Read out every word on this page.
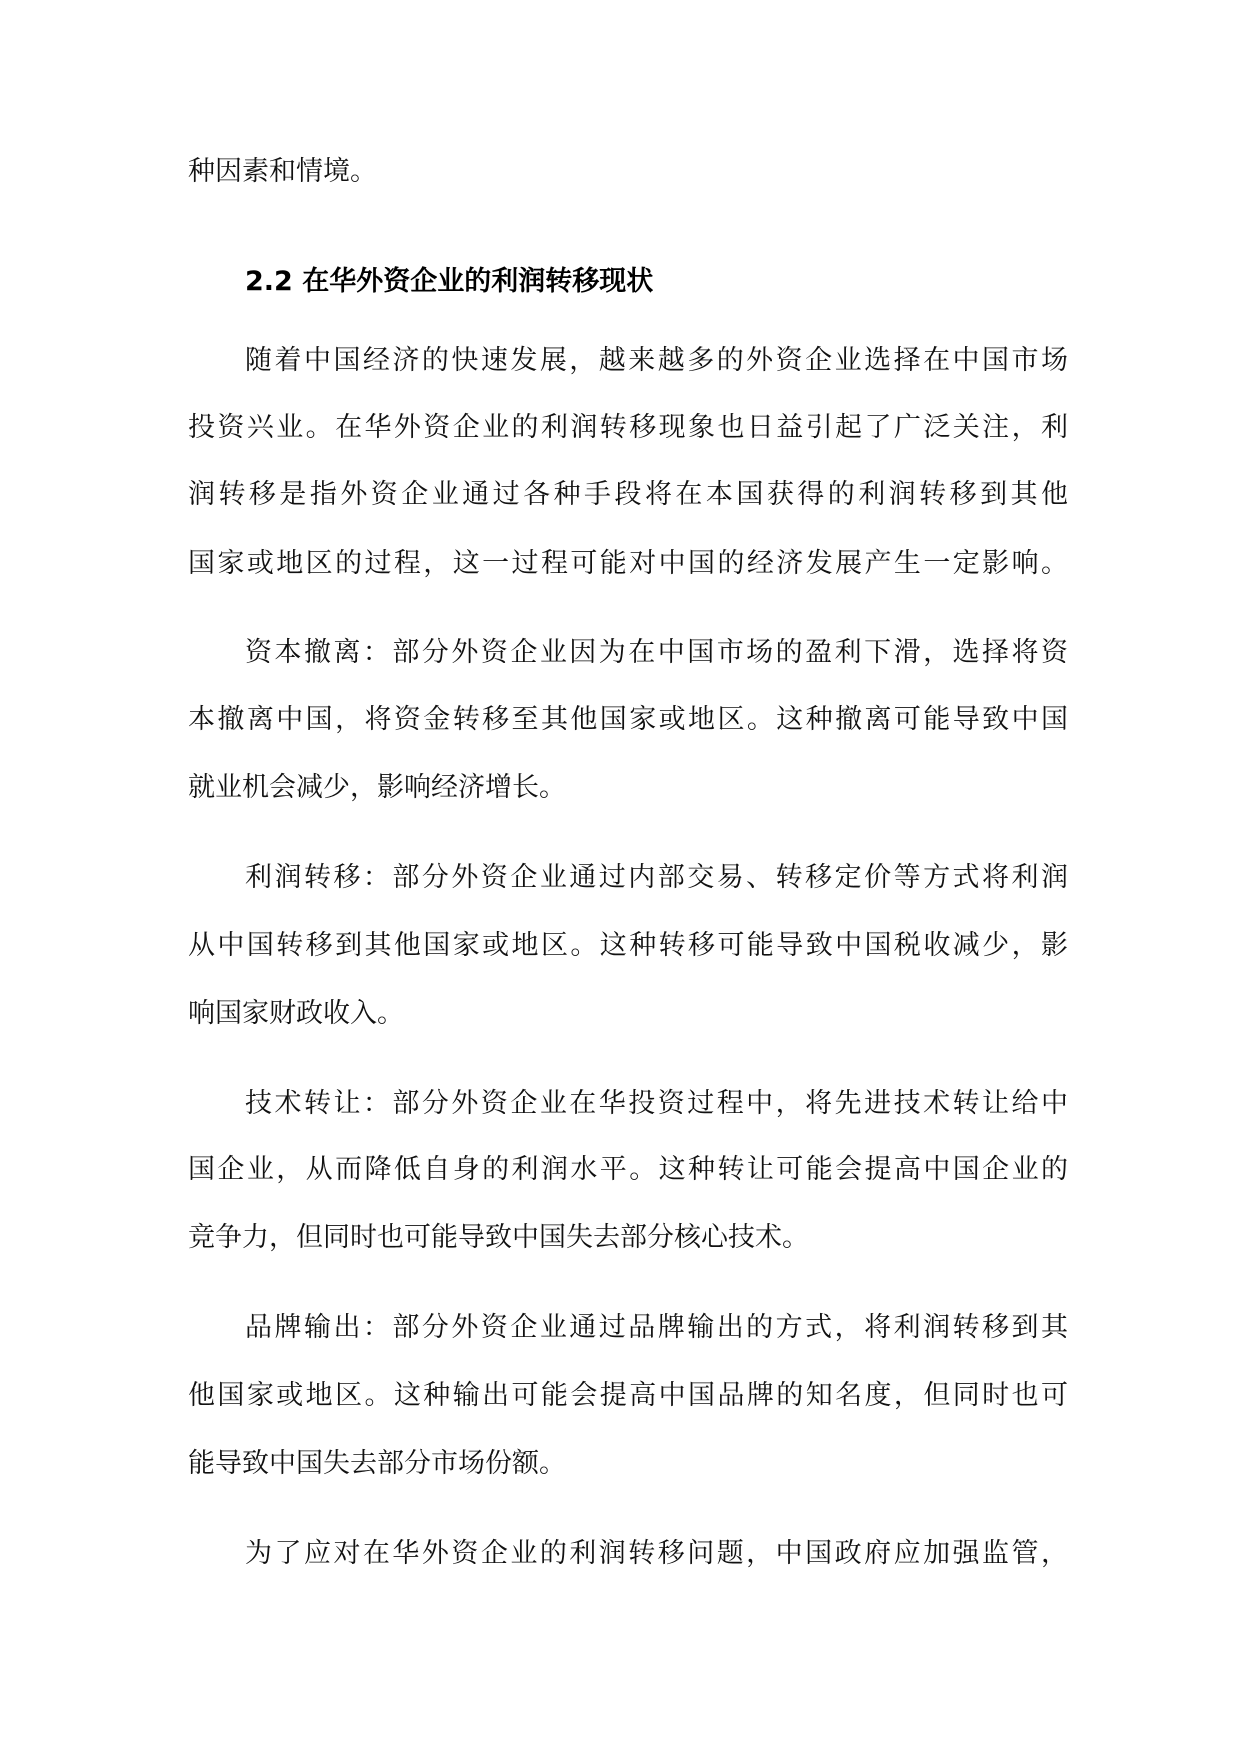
种因素和情境。
2.2 在华外资企业的利润转移现状
随着中国经济的快速发展，越来越多的外资企业选择在中国市场
投资兴业。在华外资企业的利润转移现象也日益引起了广泛关注，利
润转移是指外资企业通过各种手段将在本国获得的利润转移到其他
国家或地区的过程，这一过程可能对中国的经济发展产生一定影响。
资本撤离：部分外资企业因为在中国市场的盈利下滑，选择将资
本撤离中国，将资金转移至其他国家或地区。这种撤离可能导致中国
就业机会减少，影响经济增长。
利润转移：部分外资企业通过内部交易、转移定价等方式将利润
从中国转移到其他国家或地区。这种转移可能导致中国税收减少，影
响国家财政收入。
技术转让：部分外资企业在华投资过程中，将先进技术转让给中
国企业，从而降低自身的利润水平。这种转让可能会提高中国企业的
竞争力，但同时也可能导致中国失去部分核心技术。
品牌输出：部分外资企业通过品牌输出的方式，将利润转移到其
他国家或地区。这种输出可能会提高中国品牌的知名度，但同时也可
能导致中国失去部分市场份额。
为了应对在华外资企业的利润转移问题，中国政府应加强监管，
